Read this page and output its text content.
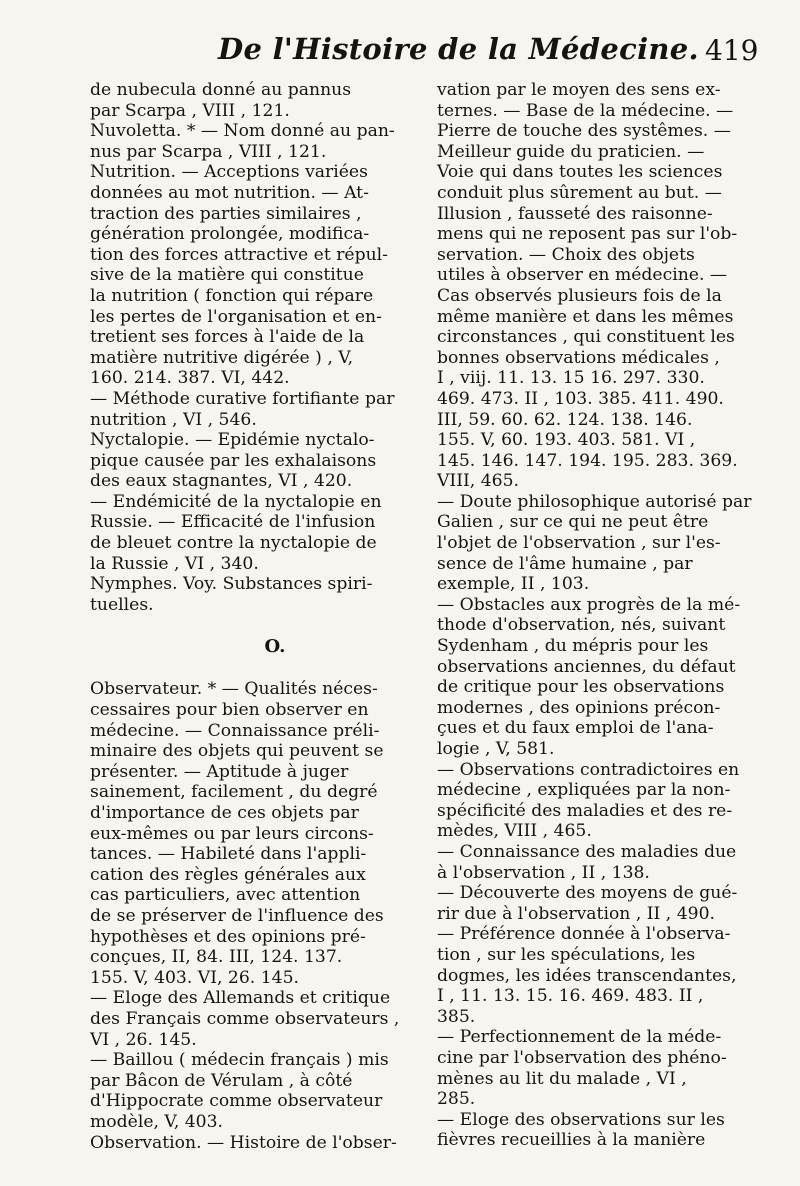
De l'Histoire de la Médecine. 419
de nubecula donné au pannus
par Scarpa , VIII , 121.
Nuvoletta. * — Nom donné au pan-
nus par Scarpa , VIII , 121.
Nutrition. — Acceptions variées
données au mot nutrition. — At-
traction des parties similaires ,
génération prolongée, modifica-
tion des forces attractive et répul-
sive de la matière qui constitue
la nutrition ( fonction qui répare
les pertes de l'organisation et en-
tretient ses forces à l'aide de la
matière nutritive digérée ) , V,
160. 214. 387. VI, 442.
— Méthode curative fortifiante par
nutrition , VI , 546.
Nyctalopie. — Epidémie nyctalo-
pique causée par les exhalaisons
des eaux stagnantes, VI , 420.
— Endémicité de la nyctalopie en
Russie. — Efficacité de l'infusion
de bleuet contre la nyctalopie de
la Russie , VI , 340.
Nymphes. Voy. Substances spiri-
tuelles.
O.
Observateur. * — Qualités néces-
cessaires pour bien observer en
médecine. — Connaissance préli-
minaire des objets qui peuvent se
présenter. — Aptitude à juger
sainement, facilement , du degré
d'importance de ces objets par
eux-mêmes ou par leurs circons-
tances. — Habileté dans l'appli-
cation des règles générales aux
cas particuliers, avec attention
de se préserver de l'influence des
hypothèses et des opinions pré-
conçues, II, 84. III, 124. 137.
155. V, 403. VI, 26. 145.
— Eloge des Allemands et critique
des Français comme observateurs ,
VI , 26. 145.
— Baillou ( médecin français ) mis
par Bâcon de Vérulam , à côté
d'Hippocrate comme observateur
modèle, V, 403.
Observation. — Histoire de l'obser-
vation par le moyen des sens ex-
ternes. — Base de la médecine. —
Pierre de touche des systêmes. —
Meilleur guide du praticien. —
Voie qui dans toutes les sciences
conduit plus sûrement au but. —
Illusion , fausseté des raisonne-
mens qui ne reposent pas sur l'ob-
servation. — Choix des objets
utiles à observer en médecine. —
Cas observés plusieurs fois de la
même manière et dans les mêmes
circonstances , qui constituent les
bonnes observations médicales ,
I , viij. 11. 13. 15 16. 297. 330.
469. 473. II , 103. 385. 411. 490.
III, 59. 60. 62. 124. 138. 146.
155. V, 60. 193. 403. 581. VI ,
145. 146. 147. 194. 195. 283. 369.
VIII, 465.
— Doute philosophique autorisé par
Galien , sur ce qui ne peut être
l'objet de l'observation , sur l'es-
sence de l'âme humaine , par
exemple, II , 103.
— Obstacles aux progrès de la mé-
thode d'observation, nés, suivant
Sydenham , du mépris pour les
observations anciennes, du défaut
de critique pour les observations
modernes , des opinions précon-
çues et du faux emploi de l'ana-
logie , V, 581.
— Observations contradictoires en
médecine , expliquées par la non-
spécificité des maladies et des re-
mèdes, VIII , 465.
— Connaissance des maladies due
à l'observation , II , 138.
— Découverte des moyens de gué-
rir due à l'observation , II , 490.
— Préférence donnée à l'observa-
tion , sur les spéculations, les
dogmes, les idées transcendantes,
I , 11. 13. 15. 16. 469. 483. II ,
385.
— Perfectionnement de la méde-
cine par l'observation des phéno-
mènes au lit du malade , VI ,
285.
— Eloge des observations sur les
fièvres recueillies à la manière
